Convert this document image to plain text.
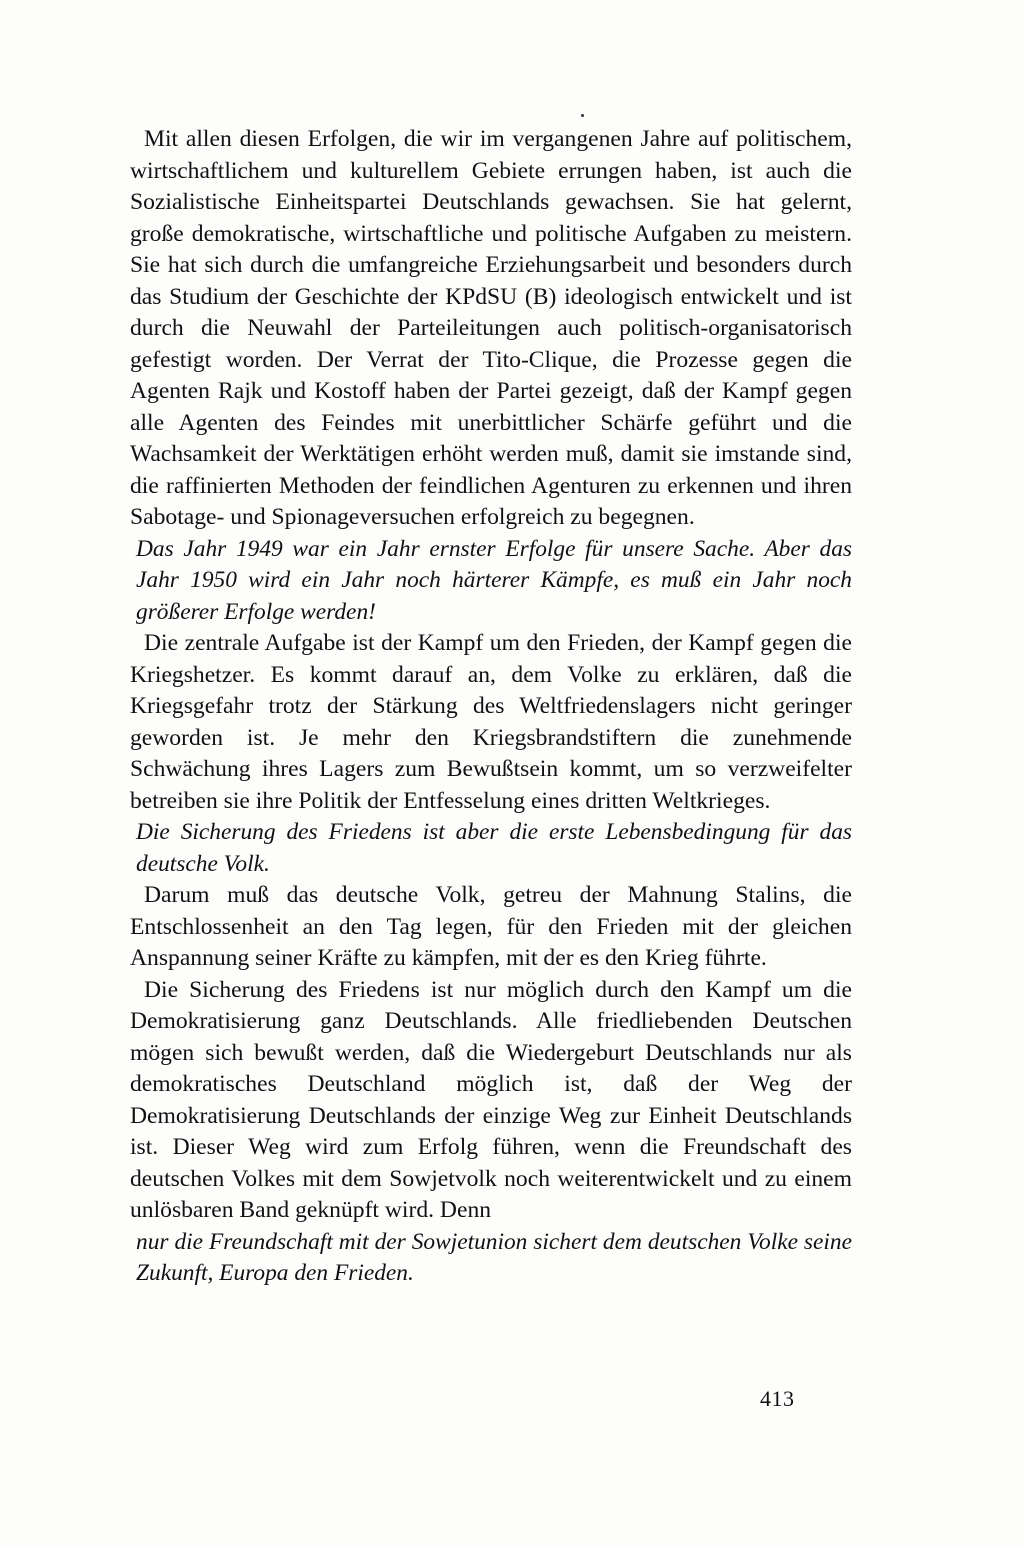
Mit allen diesen Erfolgen, die wir im vergangenen Jahre auf politischem, wirtschaftlichem und kulturellem Gebiete errungen haben, ist auch die Sozialistische Einheitspartei Deutschlands gewachsen. Sie hat gelernt, große demokratische, wirtschaftliche und politische Aufgaben zu meistern. Sie hat sich durch die umfangreiche Erziehungsarbeit und besonders durch das Studium der Geschichte der KPdSU (B) ideologisch entwickelt und ist durch die Neuwahl der Parteileitungen auch politisch-organisatorisch gefestigt worden. Der Verrat der Tito-Clique, die Prozesse gegen die Agenten Rajk und Kostoff haben der Partei gezeigt, daß der Kampf gegen alle Agenten des Feindes mit unerbittlicher Schärfe geführt und die Wachsamkeit der Werktätigen erhöht werden muß, damit sie imstande sind, die raffinierten Methoden der feindlichen Agenturen zu erkennen und ihren Sabotage- und Spionageversuchen erfolgreich zu begegnen.

Das Jahr 1949 war ein Jahr ernster Erfolge für unsere Sache. Aber das Jahr 1950 wird ein Jahr noch härterer Kämpfe, es muß ein Jahr noch größerer Erfolge werden!

Die zentrale Aufgabe ist der Kampf um den Frieden, der Kampf gegen die Kriegshetzer. Es kommt darauf an, dem Volke zu erklären, daß die Kriegsgefahr trotz der Stärkung des Weltfriedenslagers nicht geringer geworden ist. Je mehr den Kriegsbrandstiftern die zunehmende Schwächung ihres Lagers zum Bewußtsein kommt, um so verzweifelter betreiben sie ihre Politik der Entfesselung eines dritten Weltkrieges.

Die Sicherung des Friedens ist aber die erste Lebensbedingung für das deutsche Volk.

Darum muß das deutsche Volk, getreu der Mahnung Stalins, die Entschlossenheit an den Tag legen, für den Frieden mit der gleichen Anspannung seiner Kräfte zu kämpfen, mit der es den Krieg führte.

Die Sicherung des Friedens ist nur möglich durch den Kampf um die Demokratisierung ganz Deutschlands. Alle friedliebenden Deutschen mögen sich bewußt werden, daß die Wiedergeburt Deutschlands nur als demokratisches Deutschland möglich ist, daß der Weg der Demokratisierung Deutschlands der einzige Weg zur Einheit Deutschlands ist. Dieser Weg wird zum Erfolg führen, wenn die Freundschaft des deutschen Volkes mit dem Sowjetvolk noch weiterentwickelt und zu einem unlösbaren Band geknüpft wird. Denn

nur die Freundschaft mit der Sowjetunion sichert dem deutschen Volke seine Zukunft, Europa den Frieden.

413
